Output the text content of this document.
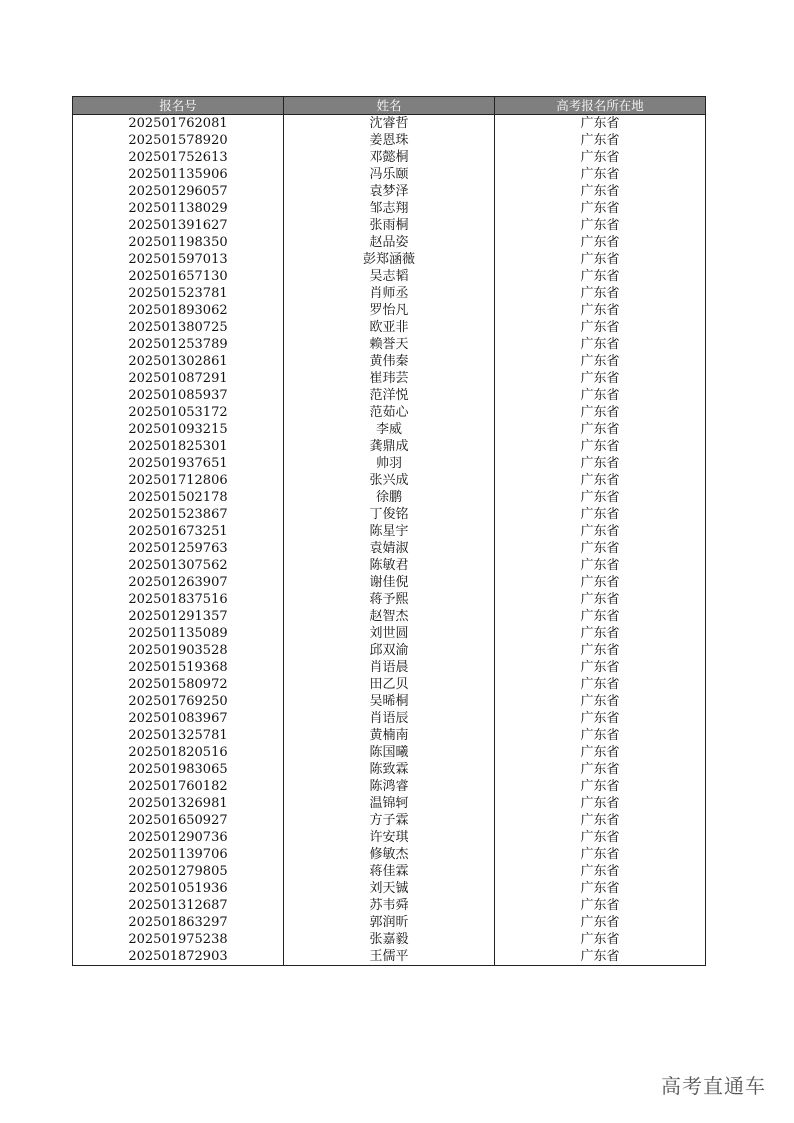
报名号	姓名	高考报名所在地
202501762081	沈睿哲	广东省
202501578920	姜恩珠	广东省
202501752613	邓懿桐	广东省
202501135906	冯乐颐	广东省
202501296057	袁梦泽	广东省
202501138029	邹志翔	广东省
202501391627	张雨桐	广东省
202501198350	赵品姿	广东省
202501597013	彭郑涵薇	广东省
202501657130	吴志韬	广东省
202501523781	肖师丞	广东省
202501893062	罗怡凡	广东省
202501380725	欧亚非	广东省
202501253789	赖誉天	广东省
202501302861	黄伟秦	广东省
202501087291	崔玮芸	广东省
202501085937	范洋悦	广东省
202501053172	范茹心	广东省
202501093215	李威	广东省
202501825301	龚鼎成	广东省
202501937651	帅羽	广东省
202501712806	张兴成	广东省
202501502178	徐鹏	广东省
202501523867	丁俊铭	广东省
202501673251	陈星宇	广东省
202501259763	袁婧淑	广东省
202501307562	陈敏君	广东省
202501263907	谢佳倪	广东省
202501837516	蒋予熙	广东省
202501291357	赵智杰	广东省
202501135089	刘世圆	广东省
202501903528	邱双渝	广东省
202501519368	肖语晨	广东省
202501580972	田乙贝	广东省
202501769250	吴晞桐	广东省
202501083967	肖语辰	广东省
202501325781	黄楠南	广东省
202501820516	陈国曦	广东省
202501983065	陈致霖	广东省
202501760182	陈鸿睿	广东省
202501326981	温锦轲	广东省
202501650927	方子霖	广东省
202501290736	许安琪	广东省
202501139706	修敏杰	广东省
202501279805	蒋佳霖	广东省
202501051936	刘天铖	广东省
202501312687	苏韦舜	广东省
202501863297	郭润昕	广东省
202501975238	张嘉毅	广东省
202501872903	王儒平	广东省
高考直通车
